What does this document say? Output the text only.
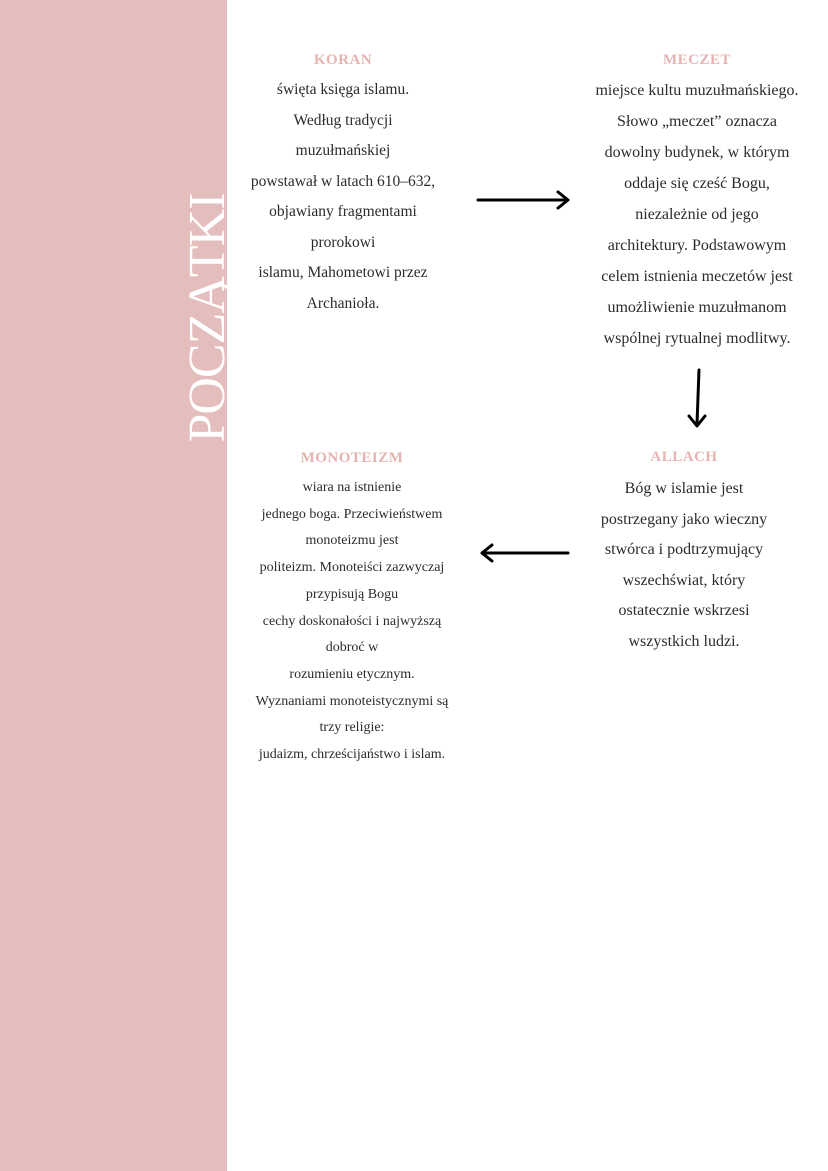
POCZĄTKI
ŚREDNIOWIECZA

KORAN

święta księga islamu.
Według tradycji
muzułmańskiej
powstawał w latach 610–632,
objawiany fragmentami
prorokowi
islamu, Mahometowi przez
Archanioła.

MECZET

miejsce kultu muzułmańskiego.
Słowo „meczet” oznacza
dowolny budynek, w którym
oddaje się cześć Bogu,
niezależnie od jego
architektury. Podstawowym
celem istnienia meczetów jest
umożliwienie muzułmanom
wspólnej rytualnej modlitwy.

MONOTEIZM

wiara na istnienie
jednego boga. Przeciwieństwem
monoteizmu jest
politeizm. Monoteiści zazwyczaj
przypisują Bogu
cechy doskonałości i najwyższą
dobroć w
rozumieniu etycznym.
Wyznaniami monoteistycznymi są
trzy religie:
judaizm, chrześcijaństwo i islam.

ALLACH

Bóg w islamie jest
postrzegany jako wieczny
stwórca i podtrzymujący
wszechświat, który
ostatecznie wskrzesi
wszystkich ludzi.
